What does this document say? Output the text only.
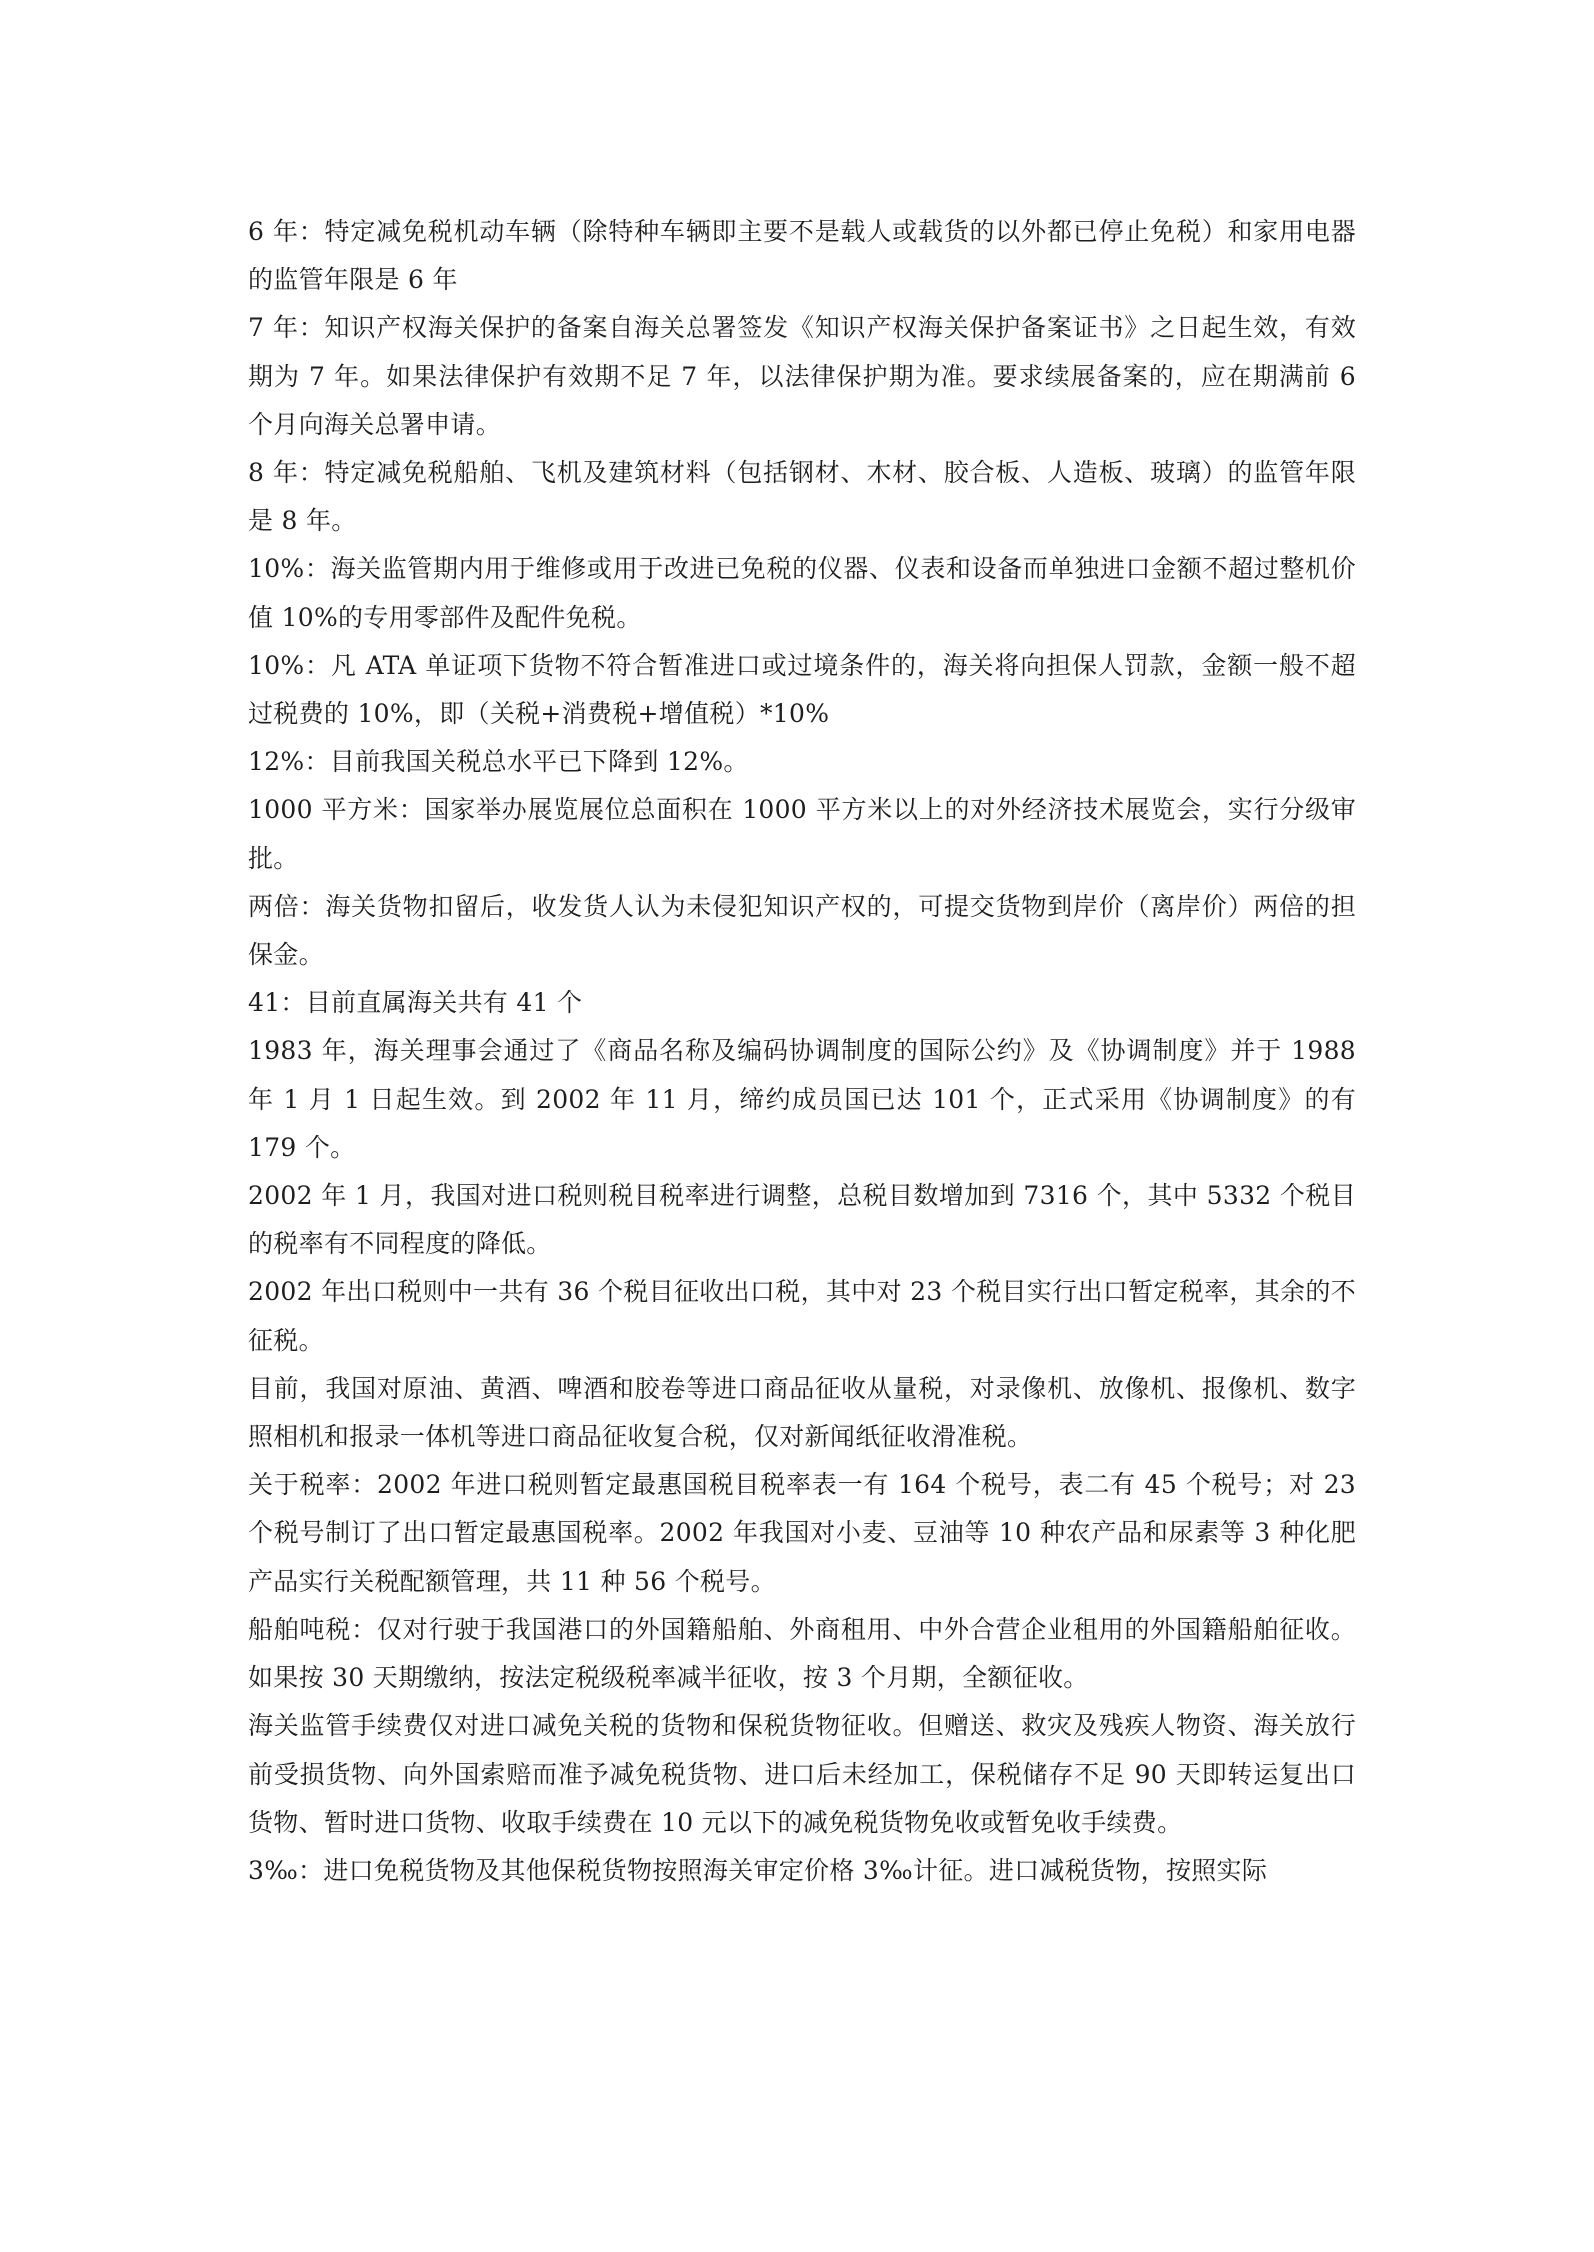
6 年：特定减免税机动车辆（除特种车辆即主要不是载人或载货的以外都已停止免税）和家用电器的监管年限是 6 年

7 年：知识产权海关保护的备案自海关总署签发《知识产权海关保护备案证书》之日起生效，有效期为 7 年。如果法律保护有效期不足 7 年，以法律保护期为准。要求续展备案的，应在期满前 6 个月向海关总署申请。

8 年：特定减免税船舶、飞机及建筑材料（包括钢材、木材、胶合板、人造板、玻璃）的监管年限是 8 年。

10%：海关监管期内用于维修或用于改进已免税的仪器、仪表和设备而单独进口金额不超过整机价值 10%的专用零部件及配件免税。

10%：凡 ATA 单证项下货物不符合暂准进口或过境条件的，海关将向担保人罚款，金额一般不超过税费的 10%，即（关税+消费税+增值税）*10%

12%：目前我国关税总水平已下降到 12%。

1000 平方米：国家举办展览展位总面积在 1000 平方米以上的对外经济技术展览会，实行分级审批。

两倍：海关货物扣留后，收发货人认为未侵犯知识产权的，可提交货物到岸价（离岸价）两倍的担保金。

41：目前直属海关共有 41 个

1983 年，海关理事会通过了《商品名称及编码协调制度的国际公约》及《协调制度》并于 1988 年 1 月 1 日起生效。到 2002 年 11 月，缔约成员国已达 101 个，正式采用《协调制度》的有 179 个。

2002 年 1 月，我国对进口税则税目税率进行调整，总税目数增加到 7316 个，其中 5332 个税目的税率有不同程度的降低。

2002 年出口税则中一共有 36 个税目征收出口税，其中对 23 个税目实行出口暂定税率，其余的不征税。

目前，我国对原油、黄酒、啤酒和胶卷等进口商品征收从量税，对录像机、放像机、报像机、数字照相机和报录一体机等进口商品征收复合税，仅对新闻纸征收滑准税。

关于税率：2002 年进口税则暂定最惠国税目税率表一有 164 个税号，表二有 45 个税号；对 23 个税号制订了出口暂定最惠国税率。2002 年我国对小麦、豆油等 10 种农产品和尿素等 3 种化肥产品实行关税配额管理，共 11 种 56 个税号。

船舶吨税：仅对行驶于我国港口的外国籍船舶、外商租用、中外合营企业租用的外国籍船舶征收。如果按 30 天期缴纳，按法定税级税率减半征收，按 3 个月期，全额征收。

海关监管手续费仅对进口减免关税的货物和保税货物征收。但赠送、救灾及残疾人物资、海关放行前受损货物、向外国索赔而准予减免税货物、进口后未经加工，保税储存不足 90 天即转运复出口货物、暂时进口货物、收取手续费在 10 元以下的减免税货物免收或暂免收手续费。

3‰：进口免税货物及其他保税货物按照海关审定价格 3‰计征。进口减税货物，按照实际
